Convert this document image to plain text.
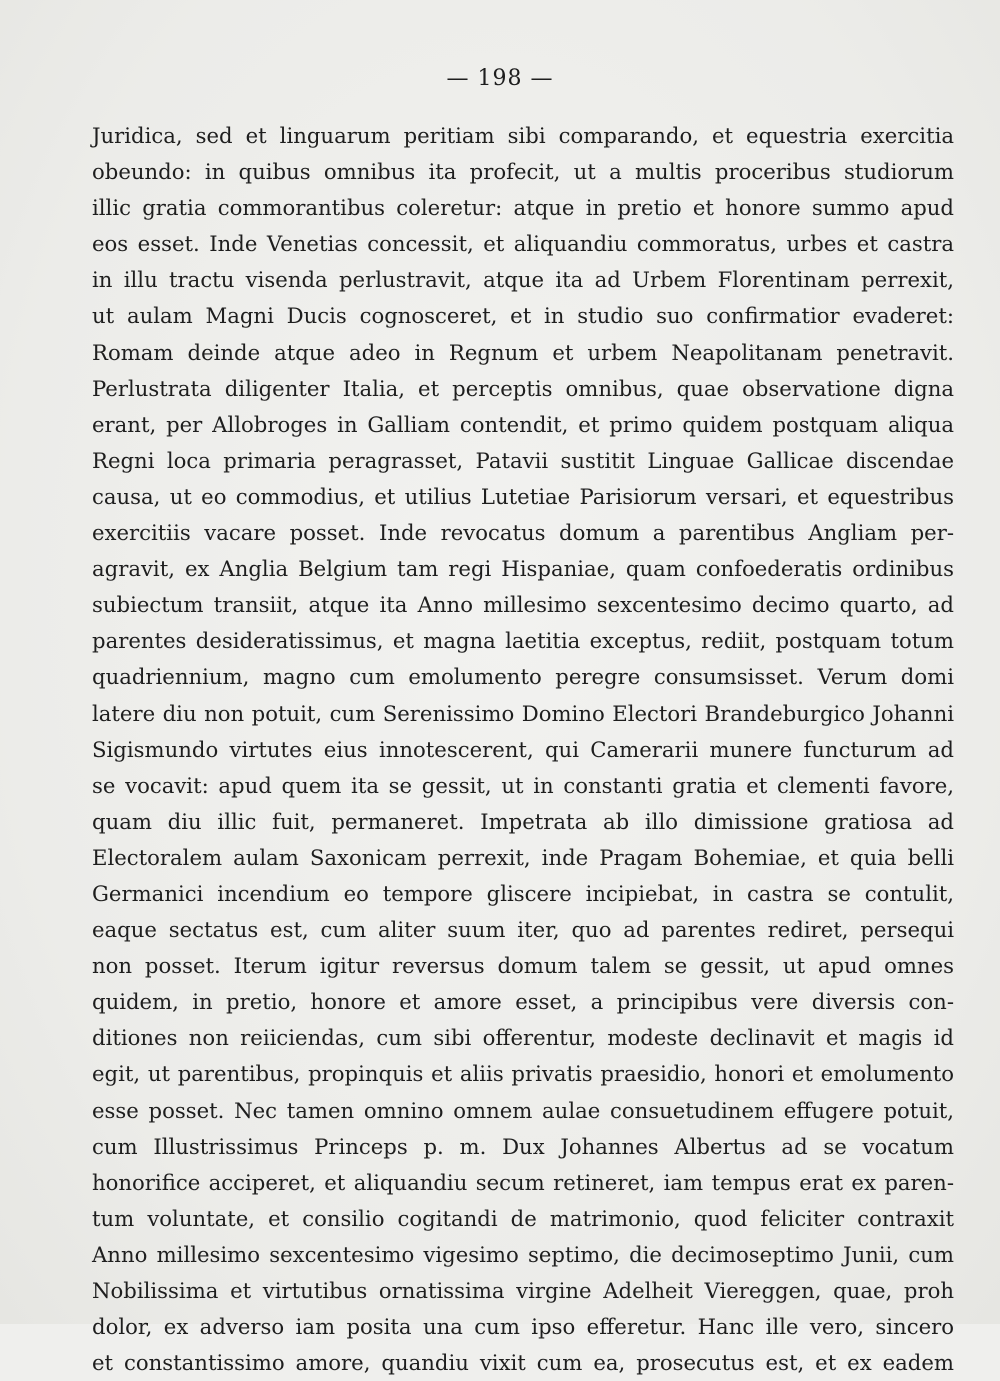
— 198 —
Juridica, sed et linguarum peritiam sibi comparando, et equestria exercitia
obeundo: in quibus omnibus ita profecit, ut a multis proceribus studiorum
illic gratia commorantibus coleretur: atque in pretio et honore summo apud
eos esset. Inde Venetias concessit, et aliquandiu commoratus, urbes et castra
in illu tractu visenda perlustravit, atque ita ad Urbem Florentinam perrexit,
ut aulam Magni Ducis cognosceret, et in studio suo confirmatior evaderet:
Romam deinde atque adeo in Regnum et urbem Neapolitanam penetravit.
Perlustrata diligenter Italia, et perceptis omnibus, quae observatione digna
erant, per Allobroges in Galliam contendit, et primo quidem postquam aliqua
Regni loca primaria peragrasset, Patavii sustitit Linguae Gallicae discendae
causa, ut eo commodius, et utilius Lutetiae Parisiorum versari, et equestribus
exercitiis vacare posset. Inde revocatus domum a parentibus Angliam per-
agravit, ex Anglia Belgium tam regi Hispaniae, quam confoederatis ordinibus
subiectum transiit, atque ita Anno millesimo sexcentesimo decimo quarto, ad
parentes desideratissimus, et magna laetitia exceptus, rediit, postquam totum
quadriennium, magno cum emolumento peregre consumsisset. Verum domi
latere diu non potuit, cum Serenissimo Domino Electori Brandeburgico Johanni
Sigismundo virtutes eius innotescerent, qui Camerarii munere functurum ad
se vocavit: apud quem ita se gessit, ut in constanti gratia et clementi favore,
quam diu illic fuit, permaneret. Impetrata ab illo dimissione gratiosa ad
Electoralem aulam Saxonicam perrexit, inde Pragam Bohemiae, et quia belli
Germanici incendium eo tempore gliscere incipiebat, in castra se contulit,
eaque sectatus est, cum aliter suum iter, quo ad parentes rediret, persequi
non posset. Iterum igitur reversus domum talem se gessit, ut apud omnes
quidem, in pretio, honore et amore esset, a principibus vere diversis con-
ditiones non reiiciendas, cum sibi offerentur, modeste declinavit et magis id
egit, ut parentibus, propinquis et aliis privatis praesidio, honori et emolumento
esse posset. Nec tamen omnino omnem aulae consuetudinem effugere potuit,
cum Illustrissimus Princeps p. m. Dux Johannes Albertus ad se vocatum
honorifice acciperet, et aliquandiu secum retineret, iam tempus erat ex paren-
tum voluntate, et consilio cogitandi de matrimonio, quod feliciter contraxit
Anno millesimo sexcentesimo vigesimo septimo, die decimoseptimo Junii, cum
Nobilissima et virtutibus ornatissima virgine Adelheit Viereggen, quae, proh
dolor, ex adverso iam posita una cum ipso efferetur. Hanc ille vero, sincero
et constantissimo amore, quandiu vixit cum ea, prosecutus est, et ex eadem
